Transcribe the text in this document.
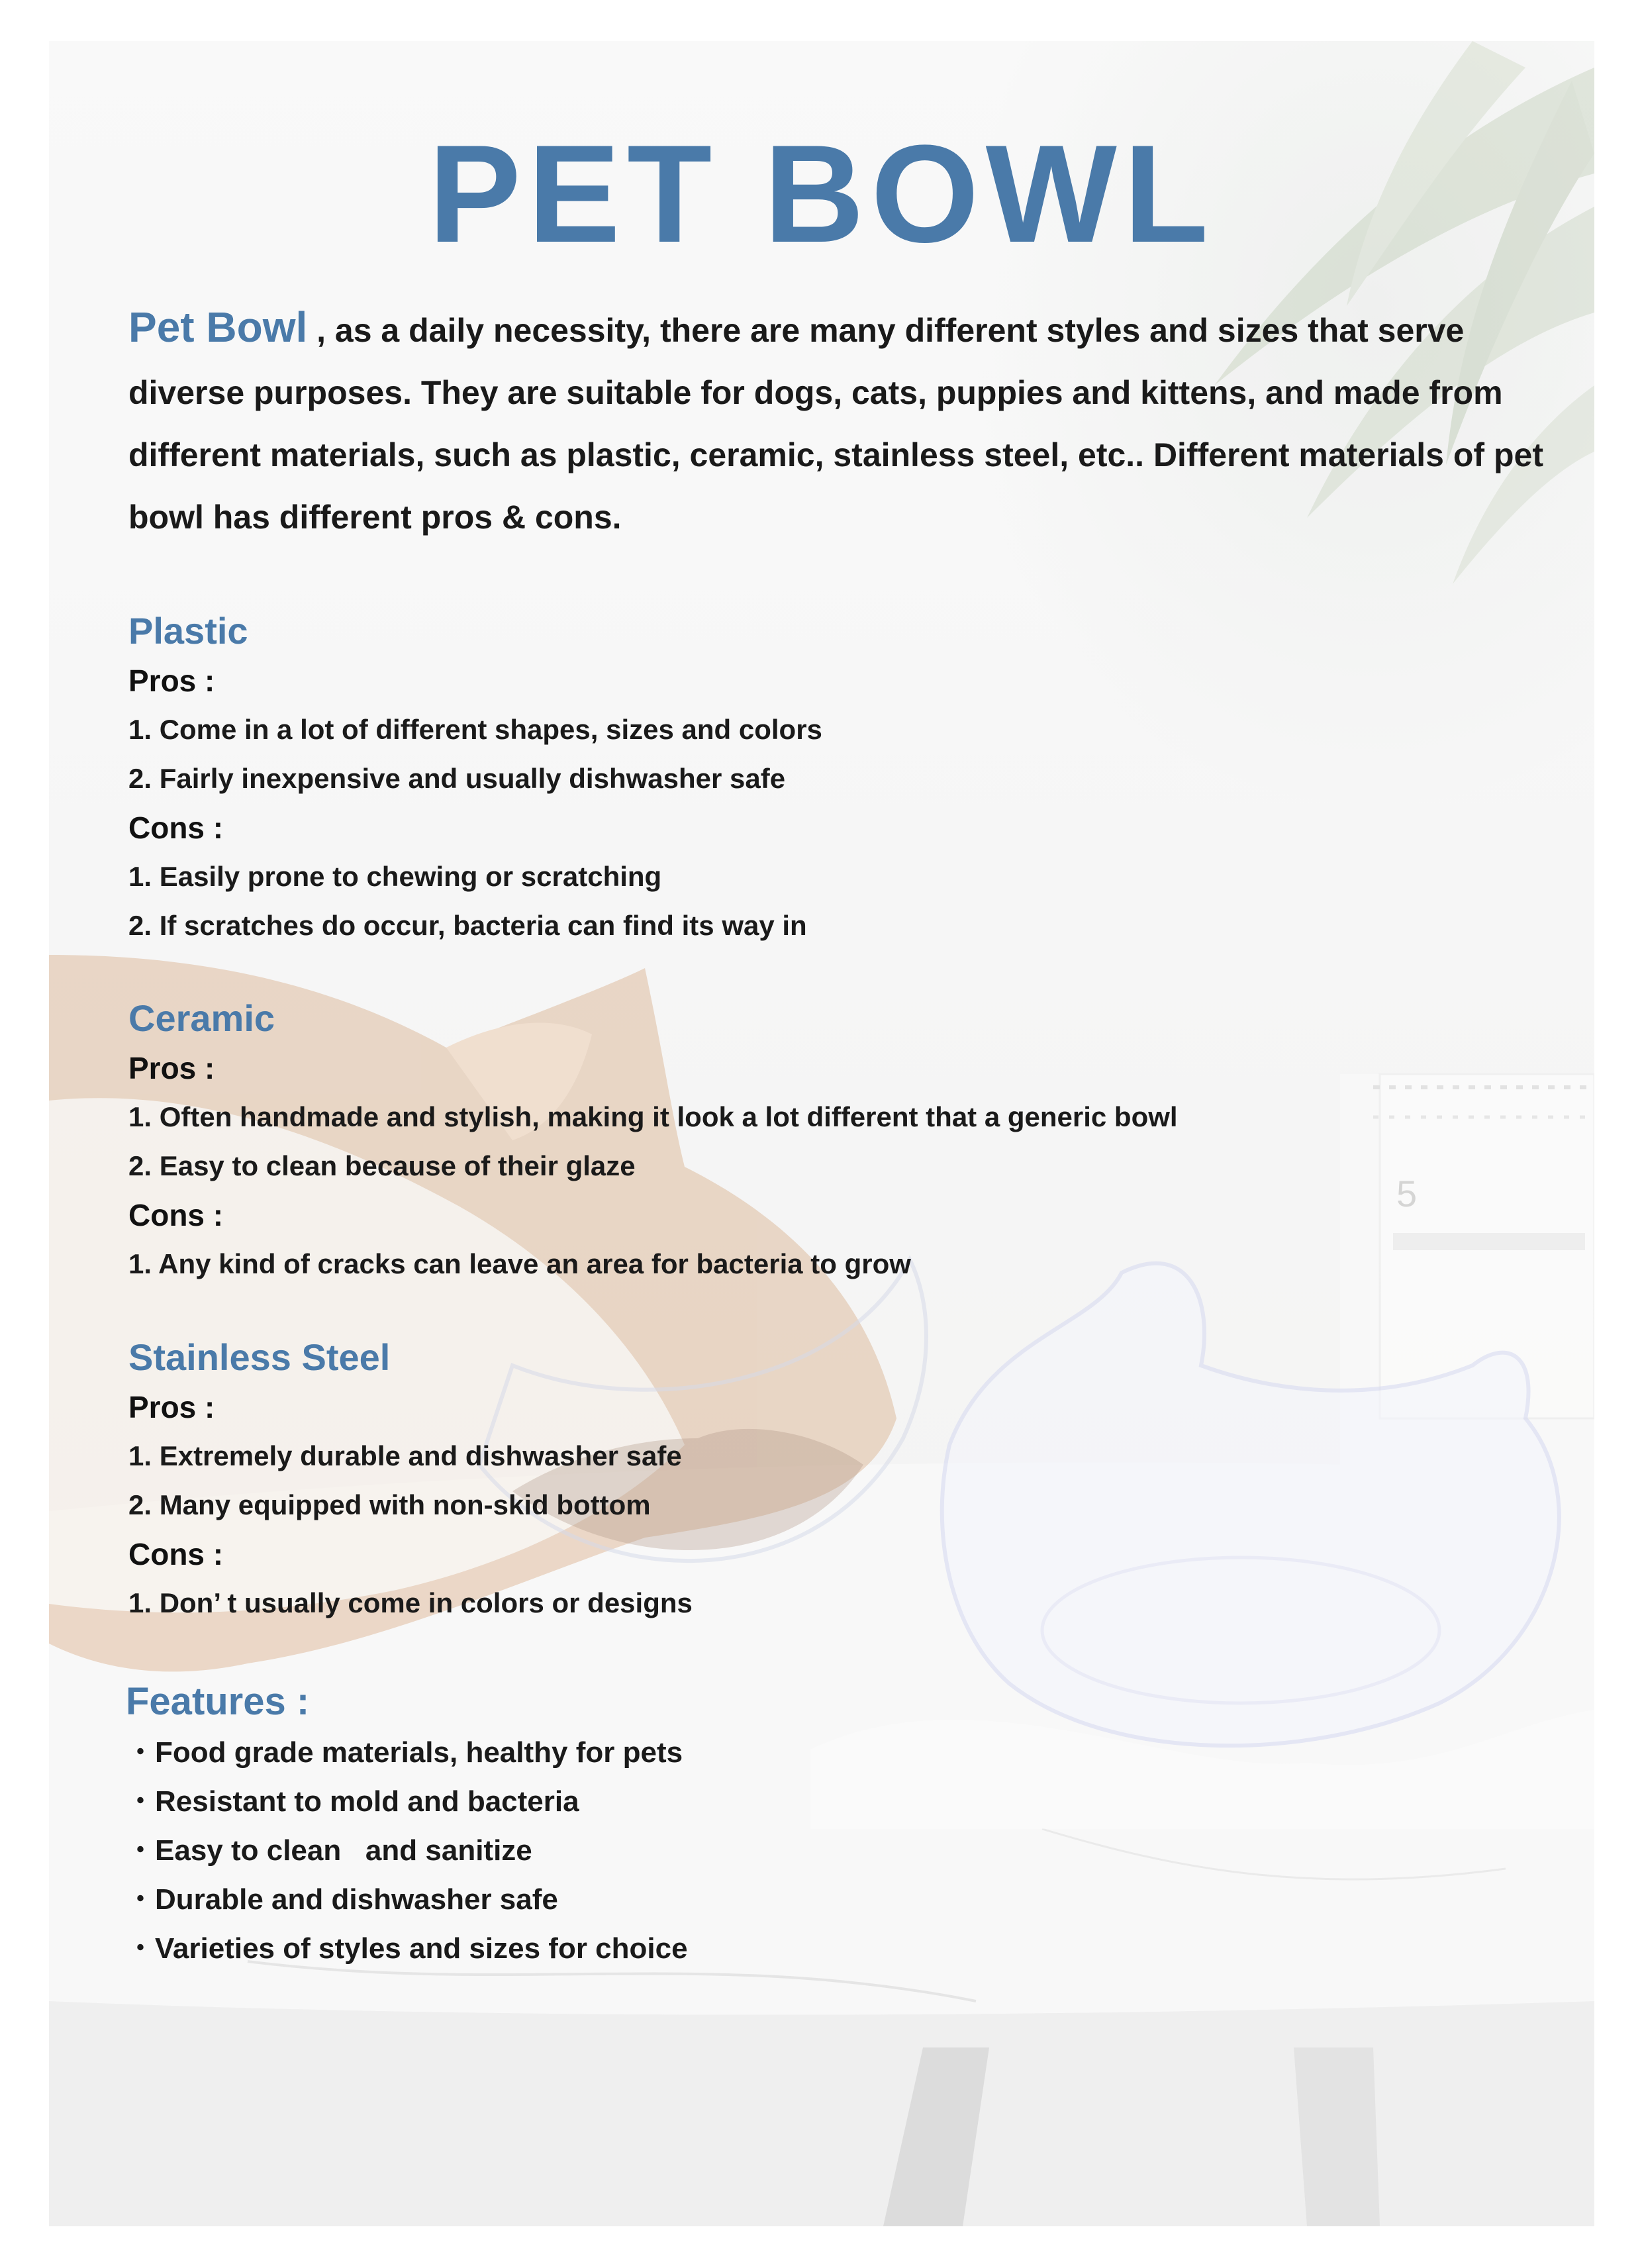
5
PET BOWL
Pet Bowl , as a daily necessity, there are many different styles and sizes that serve diverse purposes. They are suitable for dogs, cats, puppies and kittens, and made from different materials, such as plastic, ceramic, stainless steel, etc.. Different materials of pet bowl has different pros & cons.
Plastic
Pros :
1. Come in a lot of different shapes, sizes and colors
2. Fairly inexpensive and usually dishwasher safe
Cons :
1. Easily prone to chewing or scratching
2. If scratches do occur, bacteria can find its way in
Ceramic
Pros :
1. Often handmade and stylish, making it look a lot different that a generic bowl
2. Easy to clean because of their glaze
Cons :
1. Any kind of cracks can leave an area for bacteria to grow
Stainless Steel
Pros :
1. Extremely durable and dishwasher safe
2. Many equipped with non-skid bottom
Cons :
1. Don’ t usually come in colors or designs
Features :
・Food grade materials, healthy for pets
・Resistant to mold and bacteria
・Easy to clean   and sanitize
・Durable and dishwasher safe
・Varieties of styles and sizes for choice
